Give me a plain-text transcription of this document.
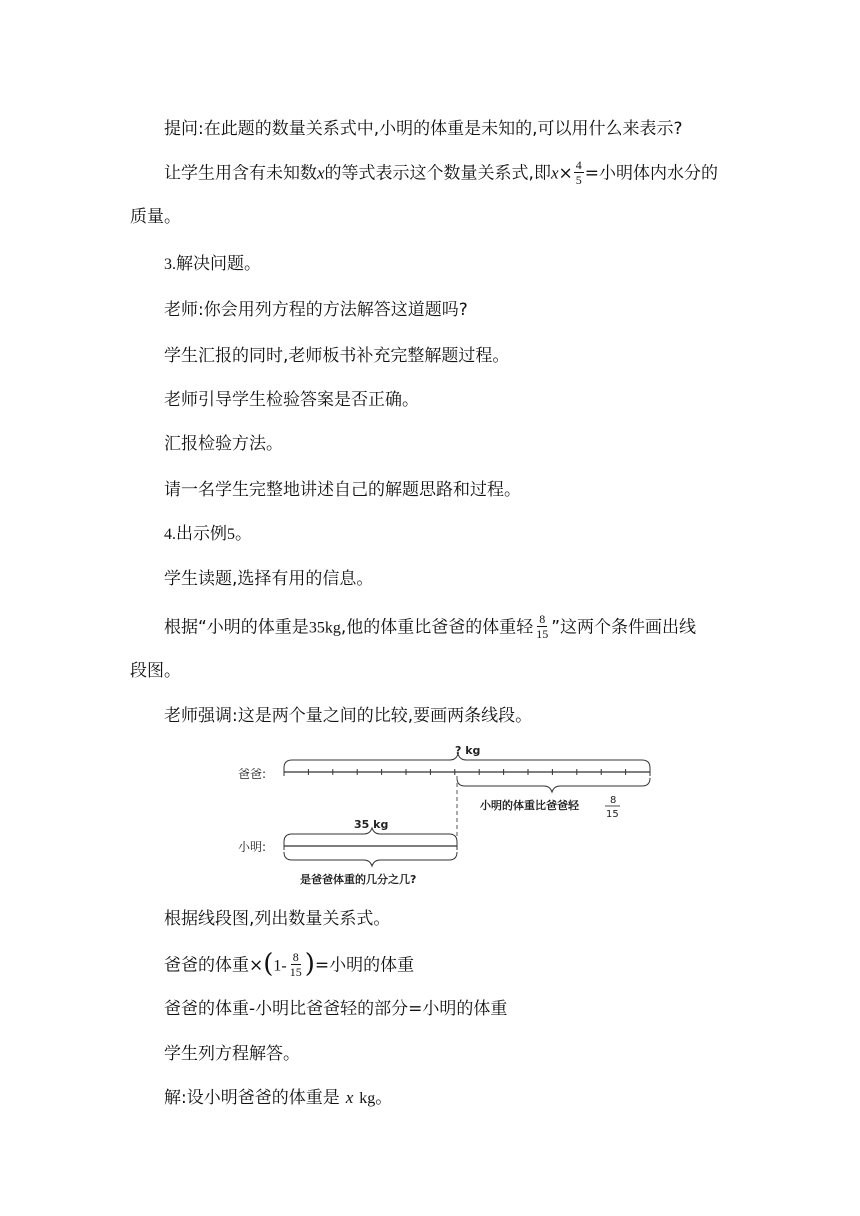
提问:在此题的数量关系式中,小明的体重是未知的,可以用什么来表示?
让学生用含有未知数x的等式表示这个数量关系式,即$x\times \frac{4}{5}$ =小明体内水分的
质量。
3.解决问题。
老师:你会用列方程的方法解答这道题吗?
学生汇报的同时,老师板书补充完整解题过程。
老师引导学生检验答案是否正确。
汇报检验方法。
请一名学生完整地讲述自己的解题思路和过程。
4.出示例5。
学生读题,选择有用的信息。
根据“小明的体重是35kg,他的体重比爸爸的体重轻 $\frac{8}{15}$ ”这两个条件画出线
段图。
老师强调:这是两个量之间的比较,要画两条线段。
爸爸:
? kg
小明的体重比爸爸轻	8
15
35 kg
小明:
是爸爸体重的几分之几?
根据线段图,列出数量关系式。
爸爸的体重$\times(1- \frac{8}{15}$ )=小明的体重
爸爸的体重-小明比爸爸轻的部分=小明的体重
学生列方程解答。
解:设小明爸爸的体重是 x kg。
